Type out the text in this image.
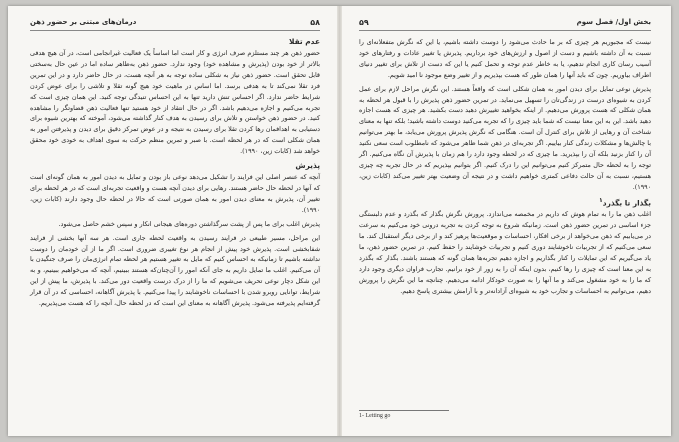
۵۸
درمان‌های مبتنی بر حضور ذهن
عدم تقلا

حضور ذهن هر چند مستلزم صرف انرژی و کار است اما اساساً یک فعالیت غیرانجامی است، در آن هیچ هدفی بالاتر از خود بودن (پذیرش و مشاهده خود) وجود ندارد. حضور ذهن به‌ظاهر ساده اما در عین حال به‌سختی قابل تحقق است. حضور ذهن نیاز به شکلی ساده توجه به هر آنچه هست، در حال حاضر دارد و در این تمرین فرد تقلا نمی‌کند تا به هدفی برسد. اما اساس در ماهیت خود هیچ گونه تقلا و تلاشی را برای عوض کردن شرایط حاضر ندارد. اگر احساس تنش دارید تنها به این احساس تنیدگی توجه کنید. این همان چیزی است که تجربه می‌کنیم و اجازه می‌دهیم باشد. اگر در حال انتقاد از خود هستید تنها فعالیت ذهن قضاوتگر را مشاهده کنید. در حضور ذهن خواستن و تلاش برای رسیدن به هدف کنار گذاشته می‌شود، آموخته که بهترین شیوه برای دستیابی به اهدافمان رها کردن تقلا برای رسیدن به نتیجه و در عوض تمرکز دقیق برای دیدن و پذیرفتن امور به همان شکلی است که در هر لحظه است. با صبر و تمرین منظم حرکت به سوی اهداف به خودی خود محقق خواهد شد (کابات زین، ۱۹۹۰).

پذیرش

آنچه که عنصر اصلی این فرایند را تشکیل می‌دهد نوعی باز بودن و تمایل به دیدن امور به همان گونه‌ای است که آنها در لحظه حال حاضر هستند. رهایی برای دیدن آنچه هست و واقعیت تجربه‌ای است که در هر لحظه برای تغییر آن، پذیرش به معنای دیدن امور به همان صورتی است که حالا در لحظه حال وجود دارند (کابات زین، ۱۹۹۰).

پذیرش اغلب برای ما پس از پشت سرگذاشتن دوره‌های هیجانی انکار و سپس خشم حاصل می‌شود.

این مراحل، مسیر طبیعی در فرایند رسیدن به واقعیت لحظه جاری است. هر سه آنها بخشی از فرایند شفابخشی است. پذیرش خود پیش از انجام هر نوع تغییری ضروری است. اگر ما از آن خودمان را دوست نداشته باشیم تا زمانیکه به احساس کنیم که مایل به تغییر هستیم هر لحظه تمام انرژی‌مان را صرف جنگیدن با آن می‌کنیم. اغلب ما تمایل داریم به جای آنکه امور را آن‌چنان‌که هستند ببینیم، آنچه که می‌خواهیم ببینیم، و به این شکل دچار نوعی تحریف می‌شویم که ما را از درک درست واقعیت دور می‌کند. با پذیرش، ما پیش از این شرایط، توانایی روبرو شدن با احساسات ناخوشایند را پیدا می‌کنیم. با پذیرش آگاهانه، احساسی که در آن قرار گرفته‌ایم پذیرفته می‌شود. پذیرش آگاهانه به معنای این است که در لحظه حال، آنچه را که هست می‌پذیریم.

بخش اول/ فصل سوم
۵۹

نیست که مجبوریم هر چیزی که بر ما حادث می‌شود را دوست داشته باشیم، یا این که نگرش متفعلانه‌ای را نسبت به آن داشته باشیم و دست از اصول و ارزش‌های خود برداریم. پذیرش یا تغییر عادات و رفتارهای خود آسیب رسان کاری انجام ندهیم، یا به خاطر عدم توجه و تحمل کنیم یا این که دست از تلاش برای تغییر دنیای اطراف بیاوریم. چون که باید آنها را همان طور که هست بپذیریم و از تغییر وضع موجود نا امید شویم.

پذیرش نوعی تمایل برای دیدن امور به همان شکلی است که واقعاً هستند. این نگرش مراحل لازم برای عمل کردن به شیوه‌ای درست در زندگی‌تان را تسهیل می‌نماید. در تمرین حضور ذهن پذیرش را با قبول هر لحظه به همان شکلی که هست پرورش می‌دهیم. از اینکه بخواهید تغییرش دهید دست بکشید. هر چیزی که هست اجازه دهید باشد. این به این معنا نیست که شما باید چیزی را که تجربه می‌کنید دوست داشته باشید؛ بلکه تنها به معنای شناخت آن و رهایی از تلاش برای کنترل آن است. هنگامی که نگرش پذیرش پرورش می‌یابد، ما بهتر می‌توانیم با چالش‌ها و مشکلات زندگی کنار بیاییم. اگر تجربه‌ای در ذهن شما ظاهر می‌شود که نامطلوب است سعی نکنید آن را کنار بزنید بلکه آن را بپذیرید. ما چیزی که در لحظه وجود دارد را هم زمان با پذیرش آن نگاه می‌کنیم. اگر توجه را به لحظه حال متمرکز کنیم می‌توانیم این را درک کنیم. اگر بتوانیم بپذیریم که در حال تجربه چه چیزی هستیم، نسبت به آن حالت دفاعی کمتری خواهیم داشت و در نتیجه آن وضعیت بهتر تغییر می‌کند (کابات زین، ۱۹۹۰).

بگذار تا بگذرد$^۱$

اغلب ذهن ما را به تمام هوش که داریم در مخمصه می‌اندازد. پرورش نگرش بگذار که بگذرد و عدم دلبستگی جزء اساسی در تمرین حضور ذهن است. زمانیکه شروع به توجه کردن به تجربه درونی خود می‌کنیم به سرعت در می‌یابیم که ذهن می‌خواهد از برخی افکار، احساسات و موقعیت‌ها پرهیز کند و از برخی دیگر استقبال کند. ما سعی می‌کنیم که از تجربیات ناخوشایند دوری کنیم و تجربیات خوشایند را حفظ کنیم. در تمرین حضور ذهن، ما یاد می‌گیریم که این تمایلات را کنار بگذاریم و اجازه دهیم تجربه‌ها همان گونه که هستند باشند. بگذار که بگذرد به این معنا است که چیزی را رها کنیم، بدون اینکه آن را به زور از خود برانیم. تجارب فراوان دیگری وجود دارد که ما را به خود مشغول می‌کند و ما آنها را به صورت خودکار ادامه می‌دهیم. چنانچه ما این نگرش را پرورش دهیم، می‌توانیم به احساسات و تجارب خود به شیوه‌ای آزادانه‌تر و با آرامش بیشتری پاسخ دهیم.

1- Letting go
